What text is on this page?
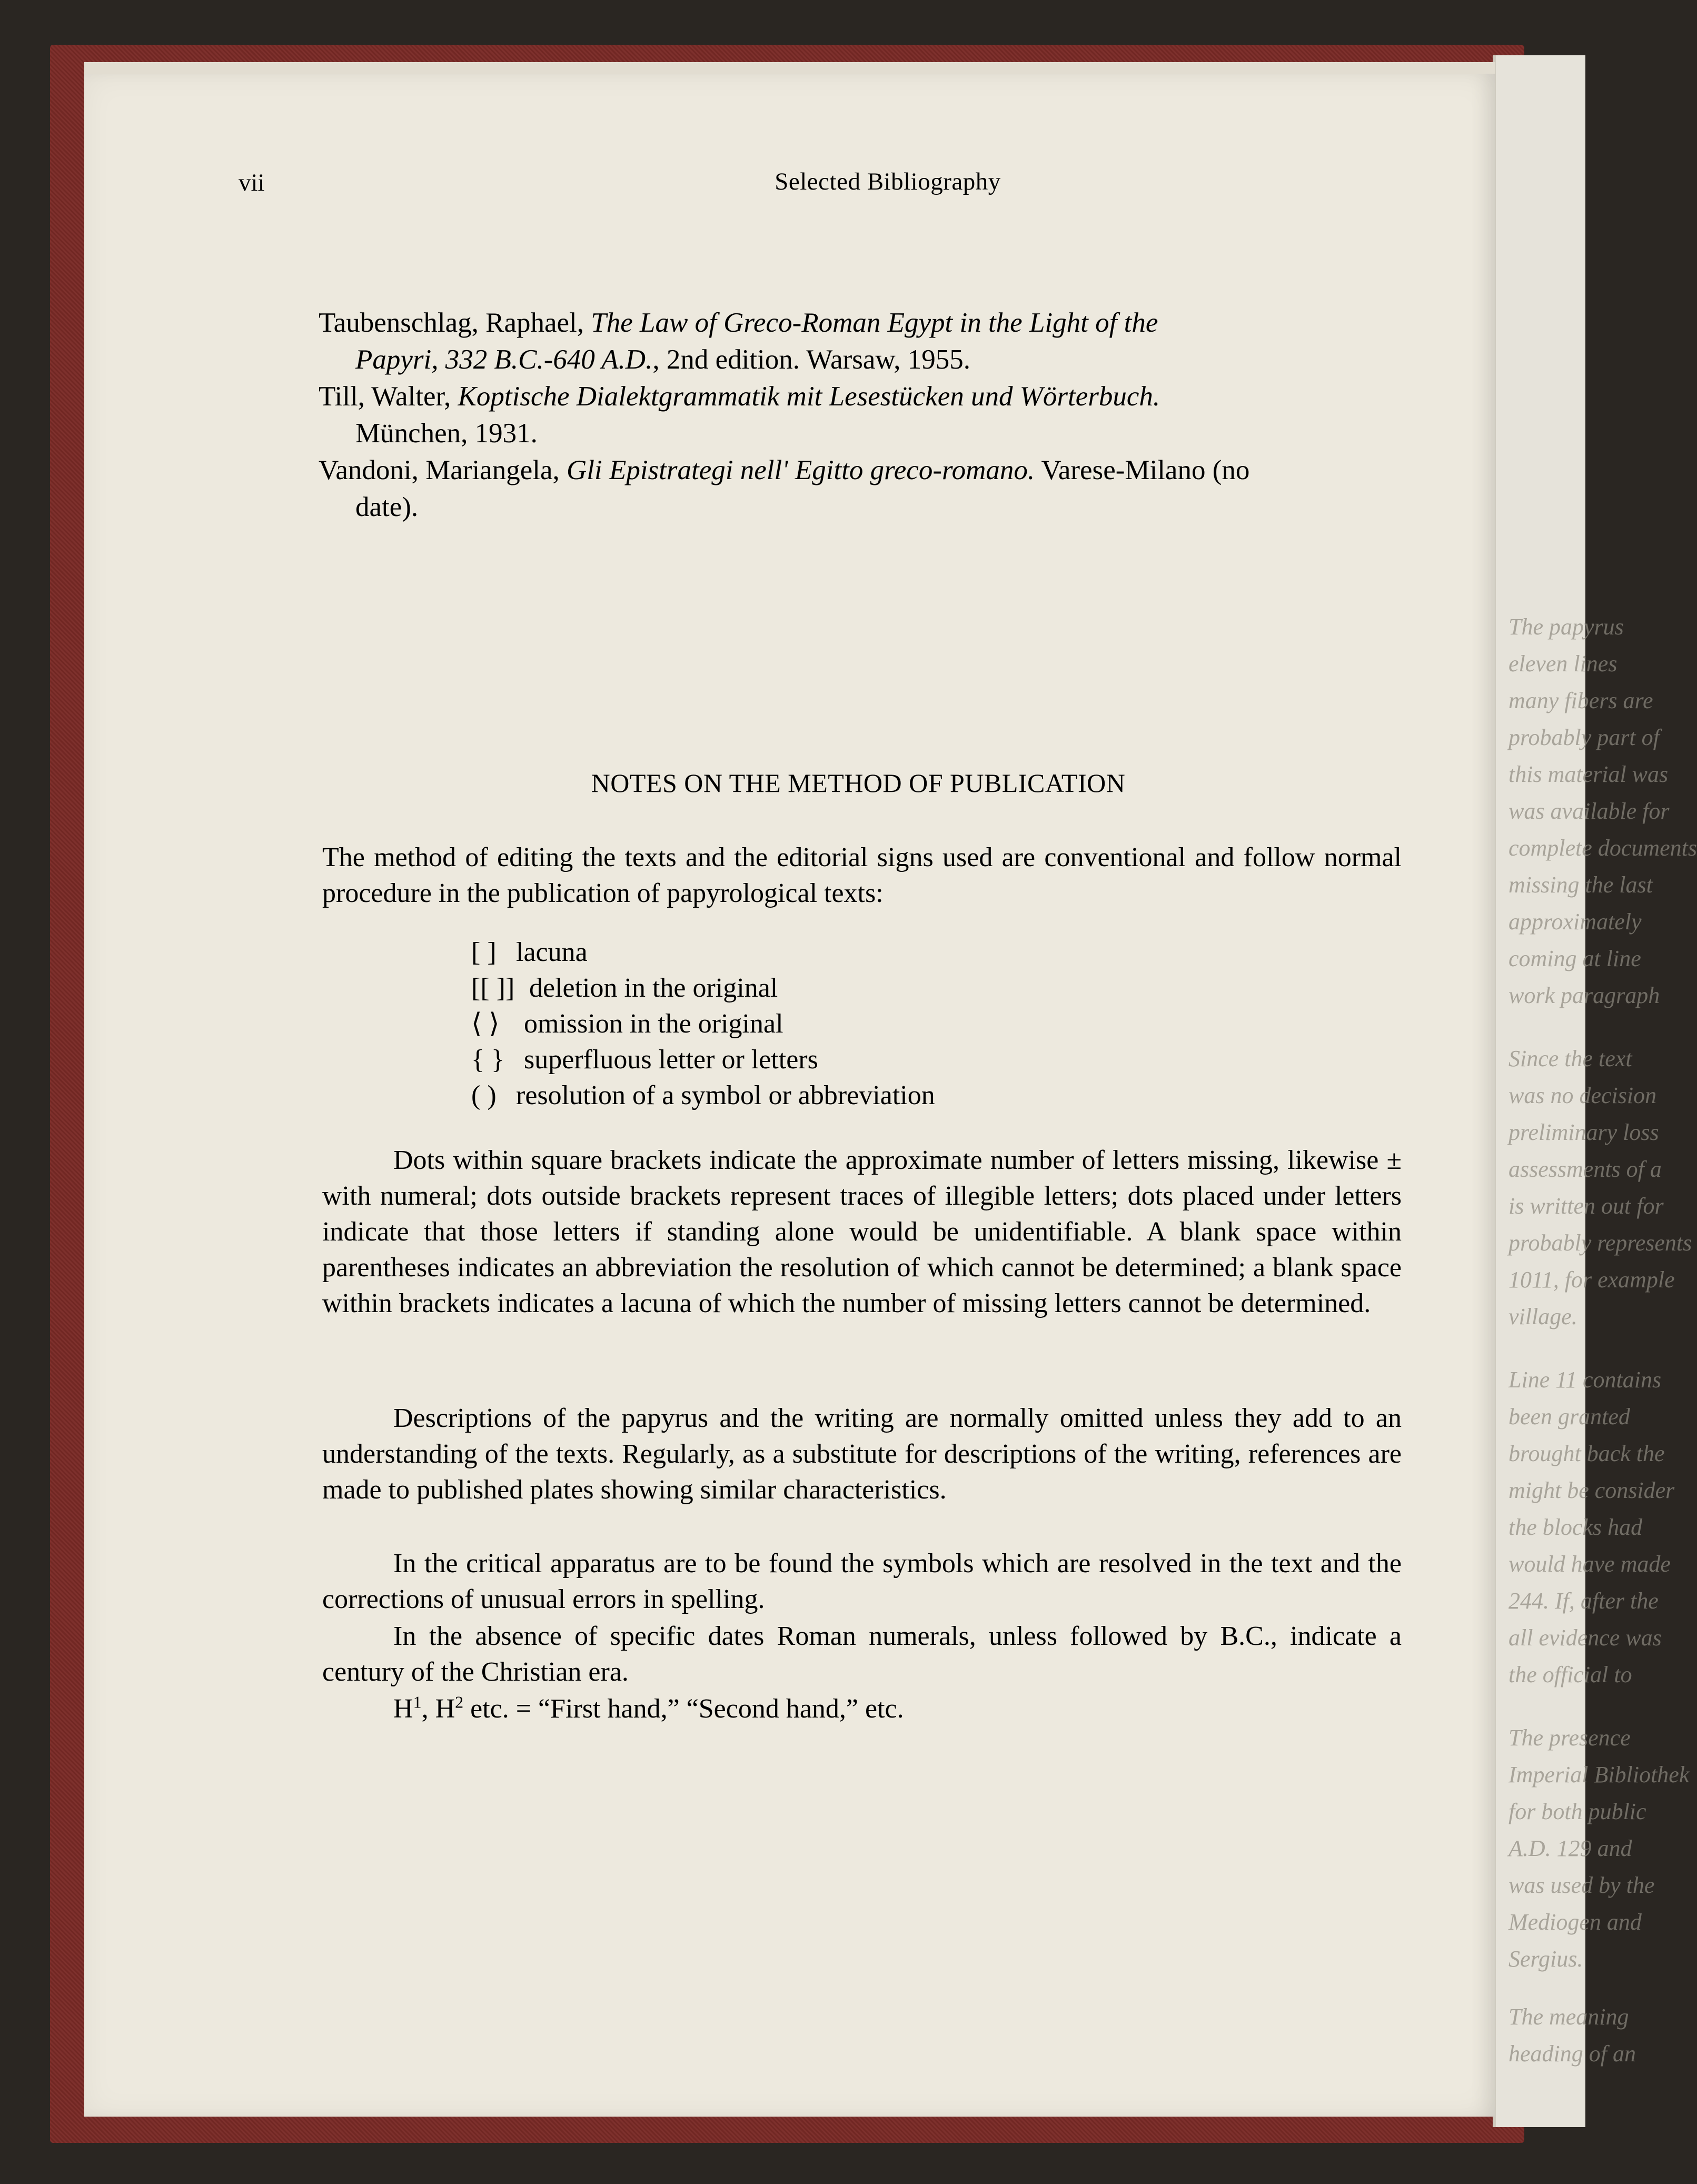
The papyrus
eleven lines
many fibers are
probably part of
this material was
was available for
complete documents
missing the last
approximately
coming at line
work paragraph
Since the text
was no decision
preliminary loss
assessments of a
is written out for
probably represents
1011, for example
village.
Line 11 contains
been granted
brought back the
might be consider
the blocks had
would have made
244. If, after the
all evidence was
the official to
The presence
Imperial Bibliothek
for both public
A.D. 129 and
was used by the
Mediogen and
Sergius.
The meaning
heading of an
vii	Selected Bibliography
Taubenschlag, Raphael, The Law of Greco-Roman Egypt in the Light of the
Papyri, 332 B.C.-640 A.D., 2nd edition. Warsaw, 1955.
Till, Walter, Koptische Dialektgrammatik mit Lesestücken und Wörterbuch.
München, 1931.
Vandoni, Mariangela, Gli Epistrategi nell' Egitto greco-romano. Varese-Milano (no
date).
NOTES ON THE METHOD OF PUBLICATION
The method of editing the texts and the editorial signs used are conventional and follow normal procedure in the publication of papyrological texts:
[ ] lacuna
[[ ]] deletion in the original
⟨ ⟩ omission in the original
{ } superfluous letter or letters
( ) resolution of a symbol or abbreviation
Dots within square brackets indicate the approximate number of letters missing, likewise ± with numeral; dots outside brackets represent traces of illegible letters; dots placed under letters indicate that those letters if standing alone would be unidentifiable. A blank space within parentheses indicates an abbreviation the resolution of which cannot be determined; a blank space within brackets indicates a lacuna of which the number of missing letters cannot be determined.
Descriptions of the papyrus and the writing are normally omitted unless they add to an understanding of the texts. Regularly, as a substitute for descriptions of the writing, references are made to published plates showing similar characteristics.
In the critical apparatus are to be found the symbols which are resolved in the text and the corrections of unusual errors in spelling.
In the absence of specific dates Roman numerals, unless followed by B.C., indicate a century of the Christian era.
$H^1$, $H^2$ etc. = “First hand,” “Second hand,” etc.
